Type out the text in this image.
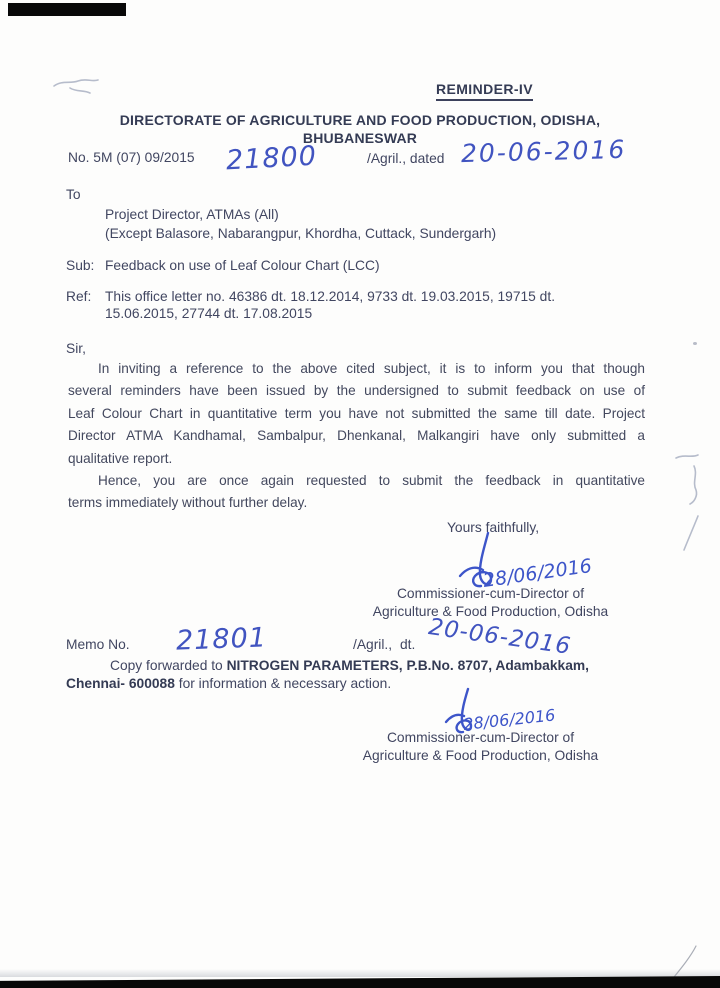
REMINDER-IV
DIRECTORATE OF AGRICULTURE AND FOOD PRODUCTION, ODISHA,
BHUBANESWAR
No. 5M (07) 09/2015 21800	/Agril., dated 20-06-2016
To
Project Director, ATMAs (All)
(Except Balasore, Nabarangpur, Khordha, Cuttack, Sundergarh)
Sub: Feedback on use of Leaf Colour Chart (LCC)
Ref: This office letter no. 46386 dt. 18.12.2014, 9733 dt. 19.03.2015, 19715 dt.
15.06.2015, 27744 dt. 17.08.2015
Sir,
In inviting a reference to the above cited subject, it is to inform you that though
several reminders have been issued by the undersigned to submit feedback on use of
Leaf Colour Chart in quantitative term you have not submitted the same till date. Project
Director ATMA Kandhamal, Sambalpur, Dhenkanal, Malkangiri have only submitted a
qualitative report.
Hence, you are once again requested to submit the feedback in quantitative
terms immediately without further delay.
Yours faithfully,
28/06/2016
Commissioner-cum-Director of
Agriculture & Food Production, Odisha
Memo No. 21801	/Agril., dt. 20-06-2016
Copy forwarded to NITROGEN PARAMETERS, P.B.No. 8707, Adambakkam,
Chennai- 600088 for information & necessary action.
28/06/2016
Commissioner-cum-Director of
Agriculture & Food Production, Odisha
